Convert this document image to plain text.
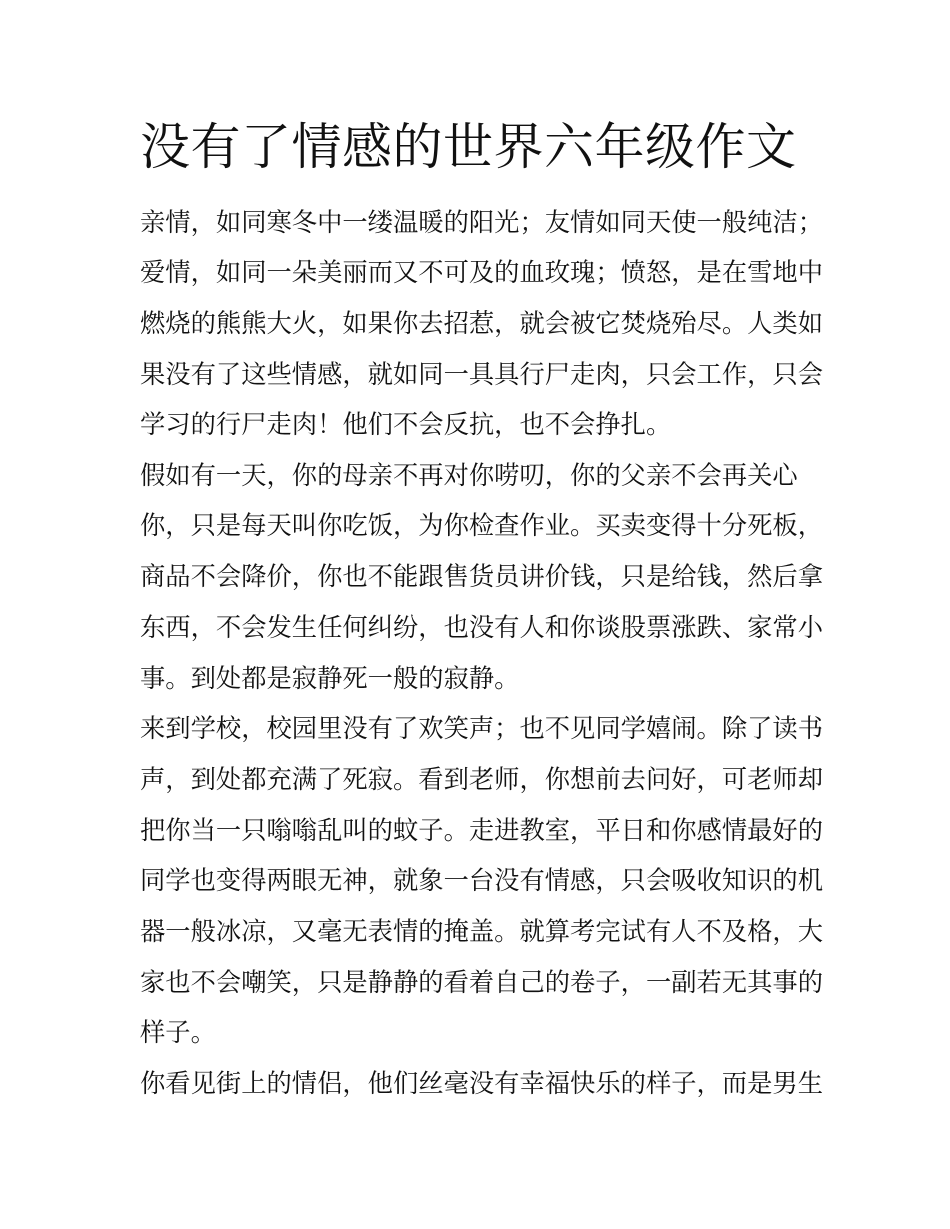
没有了情感的世界六年级作文

亲情，如同寒冬中一缕温暖的阳光；友情如同天使一般纯洁；

爱情，如同一朵美丽而又不可及的血玫瑰；愤怒，是在雪地中

燃烧的熊熊大火，如果你去招惹，就会被它焚烧殆尽。人类如

果没有了这些情感，就如同一具具行尸走肉，只会工作，只会

学习的行尸走肉！他们不会反抗，也不会挣扎。

假如有一天，你的母亲不再对你唠叨，你的父亲不会再关心

你，只是每天叫你吃饭，为你检查作业。买卖变得十分死板，

商品不会降价，你也不能跟售货员讲价钱，只是给钱，然后拿

东西，不会发生任何纠纷，也没有人和你谈股票涨跌、家常小

事。到处都是寂静死一般的寂静。

来到学校，校园里没有了欢笑声；也不见同学嬉闹。除了读书

声，到处都充满了死寂。看到老师，你想前去问好，可老师却

把你当一只嗡嗡乱叫的蚊子。走进教室，平日和你感情最好的

同学也变得两眼无神，就象一台没有情感，只会吸收知识的机

器一般冰凉，又毫无表情的掩盖。就算考完试有人不及格，大

家也不会嘲笑，只是静静的看着自己的卷子，一副若无其事的

样子。

你看见街上的情侣，他们丝毫没有幸福快乐的样子，而是男生
